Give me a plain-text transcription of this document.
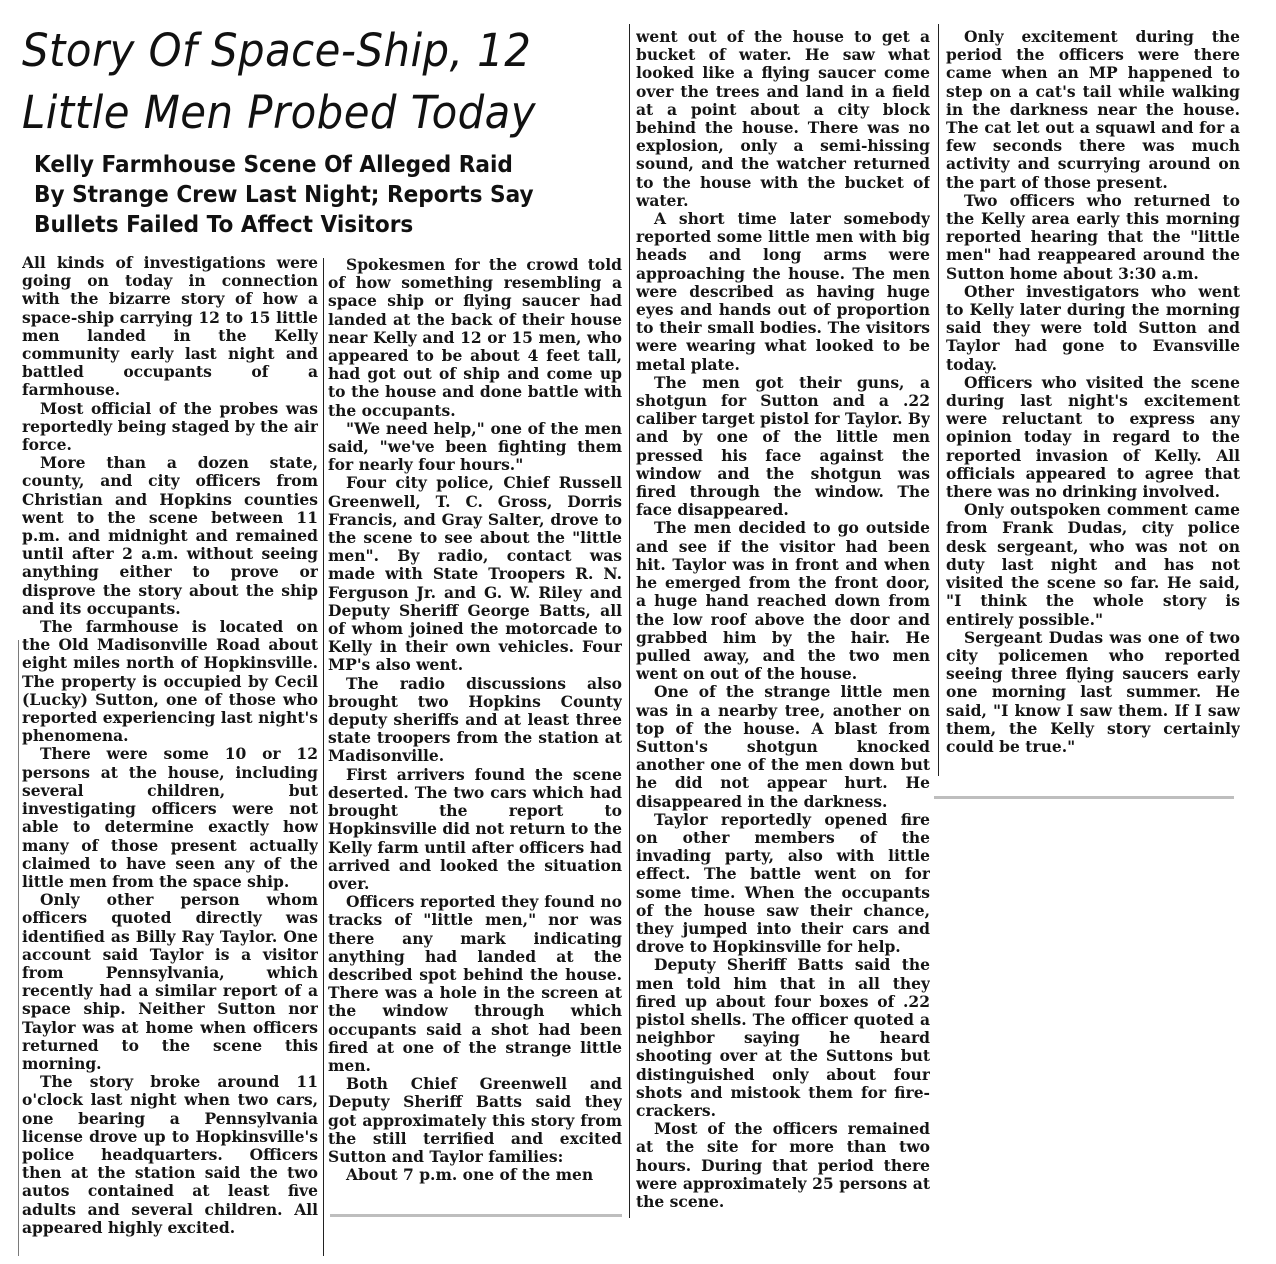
Story Of Space-Ship, 12
Little Men Probed Today
Kelly Farmhouse Scene Of Alleged Raid
By Strange Crew Last Night; Reports Say
Bullets Failed To Affect Visitors

All kinds of investigations were going on today in connection with the bizarre story of how a space-ship carrying 12 to 15 little men landed in the Kelly community early last night and battled occupants of a farmhouse.

Most official of the probes was reportedly being staged by the air force.

More than a dozen state, county, and city officers from Christian and Hopkins counties went to the scene between 11 p.m. and midnight and remained until after 2 a.m. without seeing anything either to prove or disprove the story about the ship and its occupants.

The farmhouse is located on the Old Madisonville Road about eight miles north of Hopkinsville. The property is occupied by Cecil (Lucky) Sutton, one of those who reported experiencing last night's phenomena.

There were some 10 or 12 persons at the house, including several children, but investigating officers were not able to determine exactly how many of those present actually claimed to have seen any of the little men from the space ship.

Only other person whom officers quoted directly was identified as Billy Ray Taylor. One account said Taylor is a visitor from Pennsylvania, which recently had a similar report of a space ship. Neither Sutton nor Taylor was at home when officers returned to the scene this morning.

The story broke around 11 o'clock last night when two cars, one bearing a Pennsylvania license drove up to Hopkinsville's police headquarters. Officers then at the station said the two autos contained at least five adults and several children. All appeared highly excited.

Spokesmen for the crowd told of how something resembling a space ship or flying saucer had landed at the back of their house near Kelly and 12 or 15 men, who appeared to be about 4 feet tall, had got out of ship and come up to the house and done battle with the occupants.

"We need help," one of the men said, "we've been fighting them for nearly four hours."

Four city police, Chief Russell Greenwell, T. C. Gross, Dorris Francis, and Gray Salter, drove to the scene to see about the "little men". By radio, contact was made with State Troopers R. N. Ferguson Jr. and G. W. Riley and Deputy Sheriff George Batts, all of whom joined the motorcade to Kelly in their own vehicles. Four MP's also went.

The radio discussions also brought two Hopkins County deputy sheriffs and at least three state troopers from the station at Madisonville.

First arrivers found the scene deserted. The two cars which had brought the report to Hopkinsville did not return to the Kelly farm until after officers had arrived and looked the situation over.

Officers reported they found no tracks of "little men," nor was there any mark indicating anything had landed at the described spot behind the house. There was a hole in the screen at the window through which occupants said a shot had been fired at one of the strange little men.

Both Chief Greenwell and Deputy Sheriff Batts said they got approximately this story from the still terrified and excited Sutton and Taylor families:

About 7 p.m. one of the men

went out of the house to get a bucket of water. He saw what looked like a flying saucer come over the trees and land in a field at a point about a city block behind the house. There was no explosion, only a semi-hissing sound, and the watcher returned to the house with the bucket of water.

A short time later somebody reported some little men with big heads and long arms were approaching the house. The men were described as having huge eyes and hands out of proportion to their small bodies. The visitors were wearing what looked to be metal plate.

The men got their guns, a shotgun for Sutton and a .22 caliber target pistol for Taylor. By and by one of the little men pressed his face against the window and the shotgun was fired through the window. The face disappeared.

The men decided to go outside and see if the visitor had been hit. Taylor was in front and when he emerged from the front door, a huge hand reached down from the low roof above the door and grabbed him by the hair. He pulled away, and the two men went on out of the house.

One of the strange little men was in a nearby tree, another on top of the house. A blast from Sutton's shotgun knocked another one of the men down but he did not appear hurt. He disappeared in the darkness.

Taylor reportedly opened fire on other members of the invading party, also with little effect. The battle went on for some time. When the occupants of the house saw their chance, they jumped into their cars and drove to Hopkinsville for help.

Deputy Sheriff Batts said the men told him that in all they fired up about four boxes of .22 pistol shells. The officer quoted a neighbor saying he heard shooting over at the Suttons but distinguished only about four shots and mistook them for fire-crackers.

Most of the officers remained at the site for more than two hours. During that period there were approximately 25 persons at the scene.

Only excitement during the period the officers were there came when an MP happened to step on a cat's tail while walking in the darkness near the house. The cat let out a squawl and for a few seconds there was much activity and scurrying around on the part of those present.

Two officers who returned to the Kelly area early this morning reported hearing that the "little men" had reappeared around the Sutton home about 3:30 a.m.

Other investigators who went to Kelly later during the morning said they were told Sutton and Taylor had gone to Evansville today.

Officers who visited the scene during last night's excitement were reluctant to express any opinion today in regard to the reported invasion of Kelly. All officials appeared to agree that there was no drinking involved.

Only outspoken comment came from Frank Dudas, city police desk sergeant, who was not on duty last night and has not visited the scene so far. He said, "I think the whole story is entirely possible."

Sergeant Dudas was one of two city policemen who reported seeing three flying saucers early one morning last summer. He said, "I know I saw them. If I saw them, the Kelly story certainly could be true."
